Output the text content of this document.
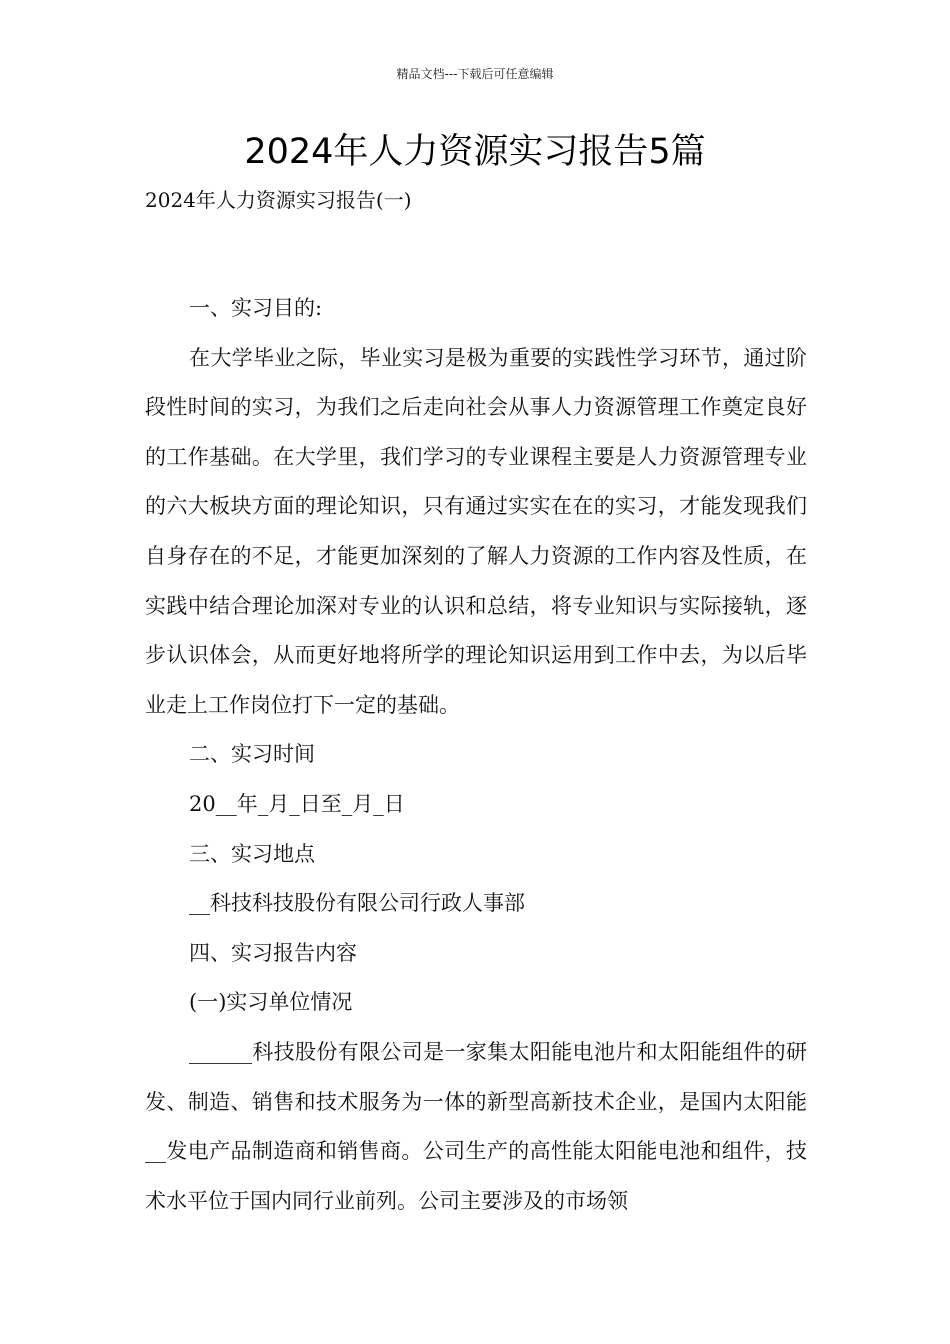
精品文档---下载后可任意编辑
2024年人力资源实习报告5篇
2024年人力资源实习报告(一)

一、实习目的:

在大学毕业之际，毕业实习是极为重要的实践性学习环节，通过阶段性时间的实习，为我们之后走向社会从事人力资源管理工作奠定良好的工作基础。在大学里，我们学习的专业课程主要是人力资源管理专业的六大板块方面的理论知识，只有通过实实在在的实习，才能发现我们自身存在的不足，才能更加深刻的了解人力资源的工作内容及性质，在实践中结合理论加深对专业的认识和总结，将专业知识与实际接轨，逐步认识体会，从而更好地将所学的理论知识运用到工作中去，为以后毕业走上工作岗位打下一定的基础。

二、实习时间

20__年_月_日至_月_日

三、实习地点

__科技科技股份有限公司行政人事部

四、实习报告内容

(一)实习单位情况

______科技股份有限公司是一家集太阳能电池片和太阳能组件的研发、制造、销售和技术服务为一体的新型高新技术企业，是国内太阳能__发电产品制造商和销售商。公司生产的高性能太阳能电池和组件，技术水平位于国内同行业前列。公司主要涉及的市场领
